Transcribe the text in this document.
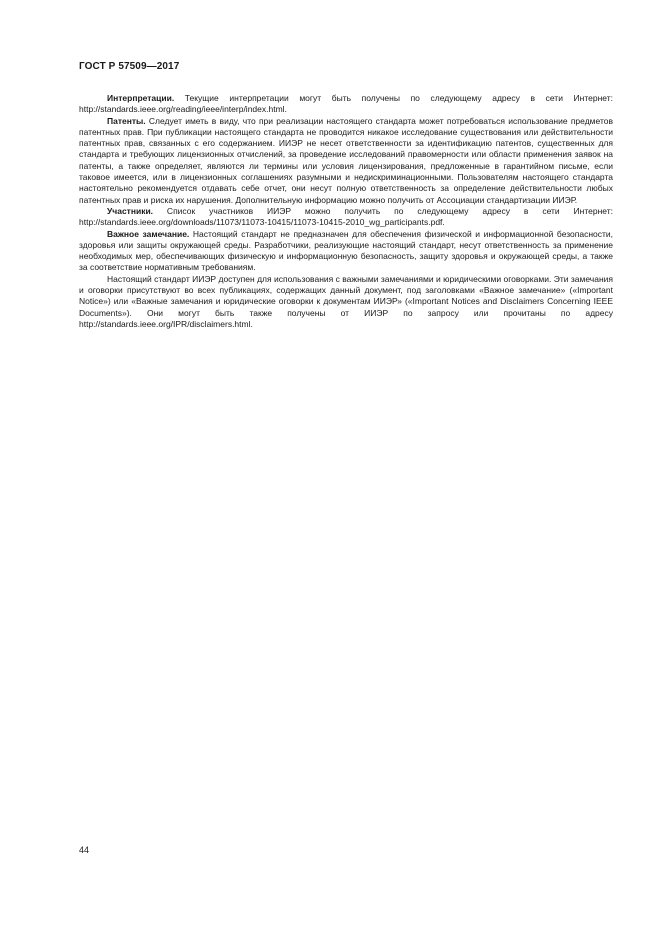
ГОСТ Р 57509—2017

Интерпретации. Текущие интерпретации могут быть получены по следующему адресу в сети Интернет: http://standards.ieee.org/reading/ieee/interp/index.html.

Патенты. Следует иметь в виду, что при реализации настоящего стандарта может потребоваться использование предметов патентных прав. При публикации настоящего стандарта не проводится никакое исследование существования или действительности патентных прав, связанных с его содержанием. ИИЭР не несет ответственности за идентификацию патентов, существенных для стандарта и требующих лицензионных отчислений, за проведение исследований правомерности или области применения заявок на патенты, а также определяет, являются ли термины или условия лицензирования, предложенные в гарантийном письме, если таковое имеется, или в лицензионных соглашениях разумными и недискриминационными. Пользователям настоящего стандарта настоятельно рекомендуется отдавать себе отчет, они несут полную ответственность за определение действительности любых патентных прав и риска их нарушения. Дополнительную информацию можно получить от Ассоциации стандартизации ИИЭР.

Участники. Список участников ИИЭР можно получить по следующему адресу в сети Интернет: http://standards.ieee.org/downloads/11073/11073-10415/11073-10415-2010_wg_participants.pdf.

Важное замечание. Настоящий стандарт не предназначен для обеспечения физической и информационной безопасности, здоровья или защиты окружающей среды. Разработчики, реализующие настоящий стандарт, несут ответственность за применение необходимых мер, обеспечивающих физическую и информационную безопасность, защиту здоровья и окружающей среды, а также за соответствие нормативным требованиям.

Настоящий стандарт ИИЭР доступен для использования с важными замечаниями и юридическими оговорками. Эти замечания и оговорки присутствуют во всех публикациях, содержащих данный документ, под заголовками «Важное замечание» («Important Notice») или «Важные замечания и юридические оговорки к документам ИИЭР» («Important Notices and Disclaimers Concerning IEEE Documents»). Они могут быть также получены от ИИЭР по запросу или прочитаны по адресу http://standards.ieee.org/IPR/disclaimers.html.

44
